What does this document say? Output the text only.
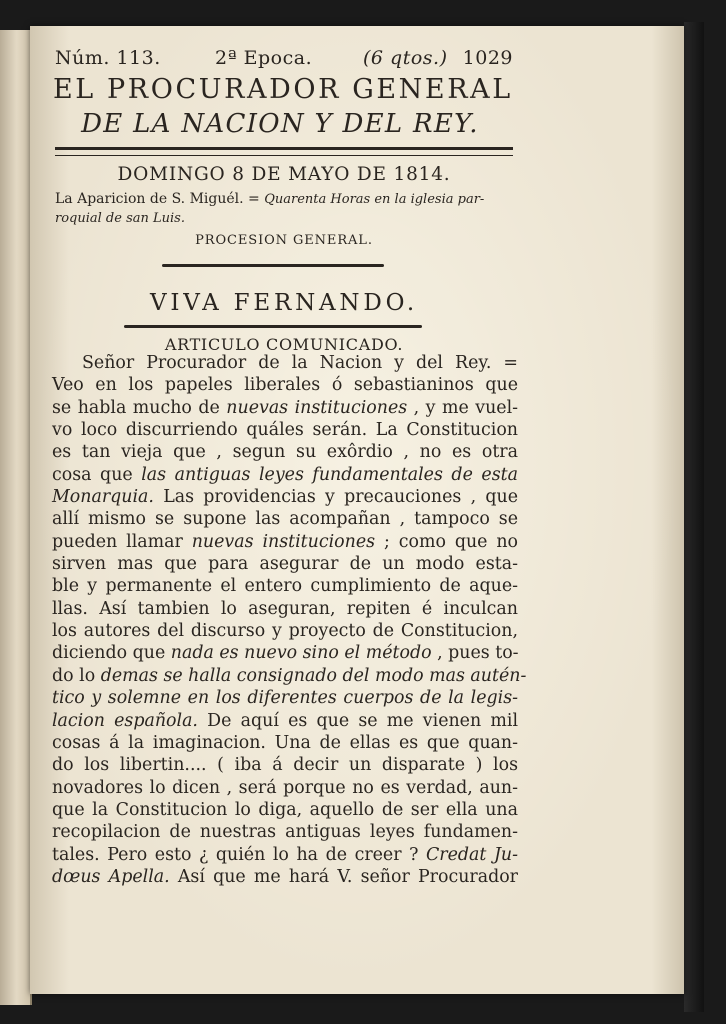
Núm. 113.	2ª Epoca.	(6 qtos.) 1029
EL PROCURADOR GENERAL
DE LA NACION Y DEL REY.
DOMINGO 8 DE MAYO DE 1814.
La Aparicion de S. Miguél. = Quarenta Horas en la iglesia par-
roquial de san Luis.
PROCESION GENERAL.
VIVA FERNANDO.
ARTICULO COMUNICADO.
Señor Procurador de la Nacion y del Rey. =
Veo en los papeles liberales ó sebastianinos que
se habla mucho de nuevas instituciones , y me vuel-
vo loco discurriendo quáles serán. La Constitucion
es tan vieja que , segun su exôrdio , no es otra
cosa que las antiguas leyes fundamentales de esta
Monarquia. Las providencias y precauciones , que
allí mismo se supone las acompañan , tampoco se
pueden llamar nuevas instituciones ; como que no
sirven mas que para asegurar de un modo esta-
ble y permanente el entero cumplimiento de aque-
llas. Así tambien lo aseguran, repiten é inculcan
los autores del discurso y proyecto de Constitucion,
diciendo que nada es nuevo sino el método , pues to-
do lo demas se halla consignado del modo mas autén-
tico y solemne en los diferentes cuerpos de la legis-
lacion española. De aquí es que se me vienen mil
cosas á la imaginacion. Una de ellas es que quan-
do los libertin.... ( iba á decir un disparate ) los
novadores lo dicen , será porque no es verdad, aun-
que la Constitucion lo diga, aquello de ser ella una
recopilacion de nuestras antiguas leyes fundamen-
tales. Pero esto ¿ quién lo ha de creer ? Credat Ju-
dœus Apella. Así que me hará V. señor Procurador
